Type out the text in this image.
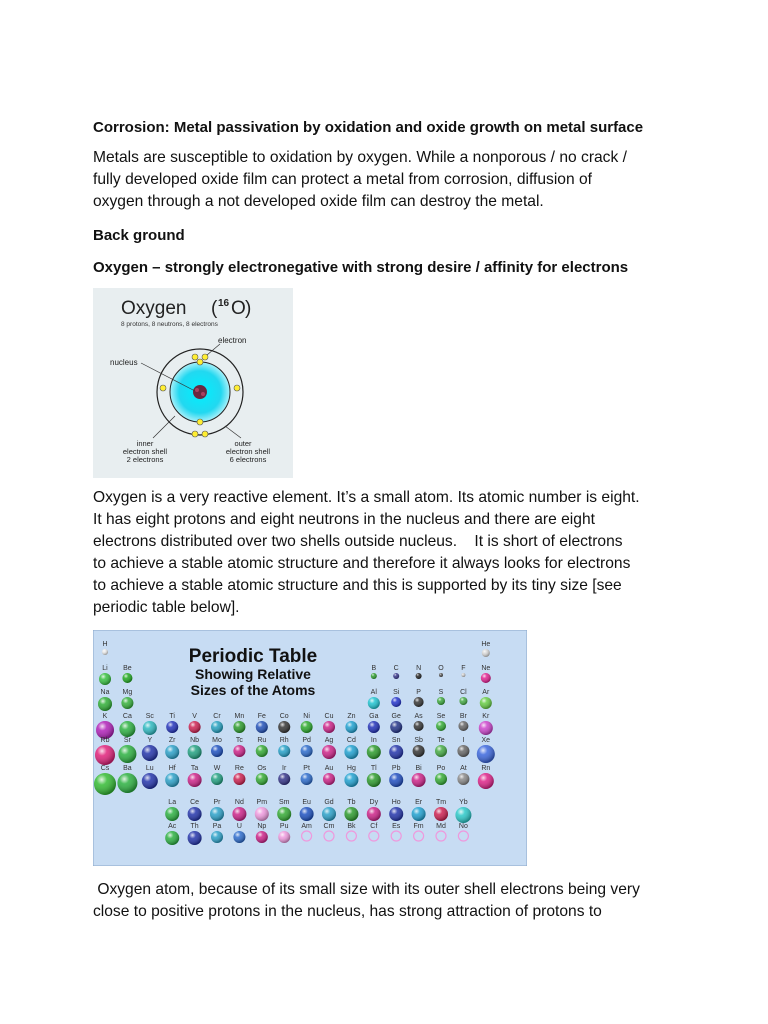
Corrosion: Metal passivation by oxidation and oxide growth on metal surface

Metals are susceptible to oxidation by oxygen. While a nonporous / no crack /
fully developed oxide film can protect a metal from corrosion, diffusion of
oxygen through a not developed oxide film can destroy the metal.

Back ground

Oxygen – strongly electronegative with strong desire / affinity for electrons

Oxygen ( 16 O )
8 protons, 8 neutrons, 8 electrons
electron
nucleus
inner
electron shell
2 electrons
outer
electron shell
6 electrons

Oxygen is a very reactive element. It’s a small atom. Its atomic number is eight.
It has eight protons and eight neutrons in the nucleus and there are eight
electrons distributed over two shells outside nucleus.    It is short of electrons
to achieve a stable atomic structure and therefore it always looks for electrons
to achieve a stable atomic structure and this is supported by its tiny size [see
periodic table below].

Periodic Table
Showing Relative
Sizes of the Atoms
H	He
Li Be	B	C N O	F Ne
Na Mg	Al Si P	S Cl Ar
K Ca Sc Ti V Cr Mn Fe Co Ni Cu Zn Ga Ge As Se Br Kr
Rb Sr Y Zr Nb Mo Tc Ru Rh Pd Ag Cd In Sn Sb Te	I Xe
Cs Ba Lu Hf Ta W Re Os Ir Pt Au Hg Tl Pb Bi Po At Rn
La Ce Pr Nd Pm Sm Eu Gd Tb Dy Ho Er Tm Yb
Ac Th Pa U Np Pu Am Cm Bk Cf Es Fm Md No

Oxygen atom, because of its small size with its outer shell electrons being very
close to positive protons in the nucleus, has strong attraction of protons to
